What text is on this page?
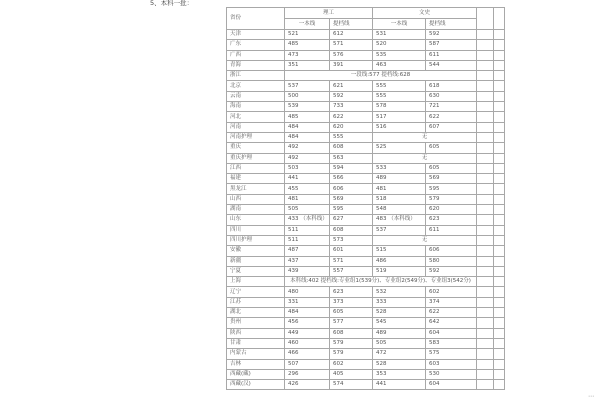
5、本科一批：
省份	理工		文史			
	一本线	提档线	一本线	提档线		
天津	521	612	531	592		
广东	485	571	520	587		
广西	473	576	535	611		
青海	351	391	463	544		
浙江	一段线:577 提档线:628					
北京	537	621	555	618		
云南	500	592	555	630		
海南	539	733	578	721		
河北	485	622	517	622		
河南	484	620	516	607		
河南护理	484	555	无			
重庆	492	608	525	605		
重庆护理	492	563	无			
江西	503	594	533	605		
福建	441	566	489	569		
黑龙江	455	606	481	595		
山西	481	569	518	579		
湖南	505	595	548	620		
山东	433 （本科线）	627	483 （本科线）	623		
四川	511	608	537	611		
四川护理	511	573	无			
安徽	487	601	515	606		
新疆	437	571	486	580		
宁夏	439	557	519	592		
上海	本科线:402 提档线:专业组1(539分)、专业组2(549分)、专业组3(542分)					
辽宁	480	623	532	602		
江苏	331	373	333	374		
湖北	484	605	528	622		
贵州	456	577	545	642		
陕西	449	608	489	604		
甘肃	460	579	505	583		
内蒙古	466	579	472	575		
吉林	507	602	528	603		
西藏(藏)	296	405	353	530		
西藏(汉)	426	574	441	604		
⋯
